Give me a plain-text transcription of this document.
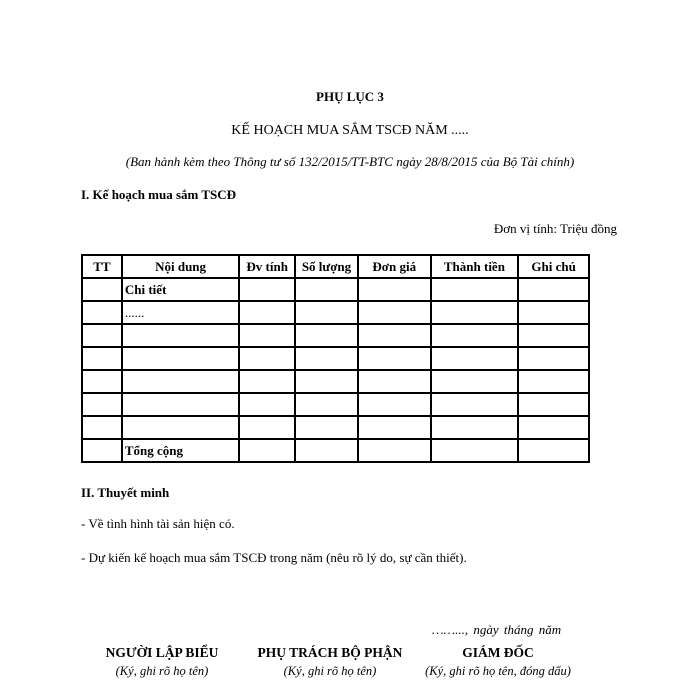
PHỤ LỤC 3
KẾ HOẠCH MUA SẮM TSCĐ NĂM .....
(Ban hành kèm theo Thông tư số 132/2015/TT-BTC ngày 28/8/2015 của Bộ Tài chính)
I. Kế hoạch mua sắm TSCĐ
Đơn vị tính: Triệu đồng
TT	Nội dung	Đv tính	Số lượng	Đơn giá	Thành tiền	Ghi chú
	Chi tiết					
	......					

	Tổng cộng					
II. Thuyết minh
- Về tình hình tài sản hiện có.
- Dự kiến kế hoạch mua sắm TSCĐ trong năm (nêu rõ lý do, sự cần thiết).
……..., ngày tháng năm
NGƯỜI LẬP BIỂU
(Ký, ghi rõ họ tên)
PHỤ TRÁCH BỘ PHẬN
(Ký, ghi rõ họ tên)
GIÁM ĐỐC
(Ký, ghi rõ họ tên, đóng dấu)
